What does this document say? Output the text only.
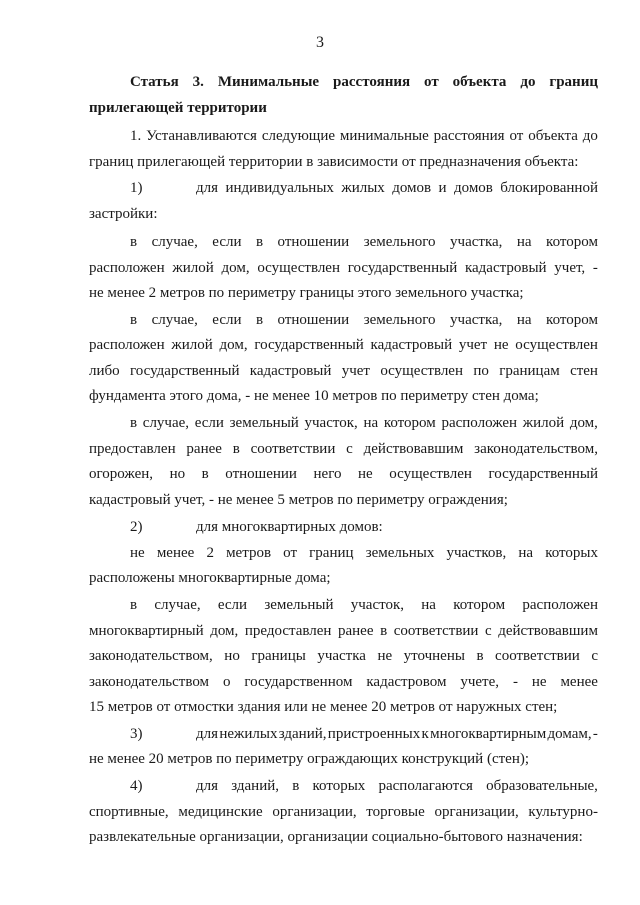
3
Статья 3. Минимальные расстояния от объекта до границ
прилегающей территории
1. Устанавливаются следующие минимальные расстояния от объекта до
границ прилегающей территории в зависимости от предназначения объекта:
1)	для индивидуальных жилых домов и домов блокированной
застройки:
в случае, если в отношении земельного участка, на котором
расположен жилой дом, осуществлен государственный кадастровый учет, -
не менее 2 метров по периметру границы этого земельного участка;
в случае, если в отношении земельного участка, на котором
расположен жилой дом, государственный кадастровый учет не осуществлен
либо государственный кадастровый учет осуществлен по границам стен
фундамента этого дома, - не менее 10 метров по периметру стен дома;
в случае, если земельный участок, на котором расположен жилой дом,
предоставлен ранее в соответствии с действовавшим законодательством,
огорожен, но в отношении него не осуществлен государственный
кадастровый учет, - не менее 5 метров по периметру ограждения;
2)	для многоквартирных домов:
не менее 2 метров от границ земельных участков, на которых
расположены многоквартирные дома;
в случае, если земельный участок, на котором расположен
многоквартирный дом, предоставлен ранее в соответствии с действовавшим
законодательством, но границы участка не уточнены в соответствии с
законодательством о государственном кадастровом учете, - не менее
15 метров от отмостки здания или не менее 20 метров от наружных стен;
3)	для нежилых зданий, пристроенных к многоквартирным домам, -
не менее 20 метров по периметру ограждающих конструкций (стен);
4)	для зданий, в которых располагаются образовательные,
спортивные, медицинские организации, торговые организации, культурно-
развлекательные организации, организации социально-бытового назначения:
